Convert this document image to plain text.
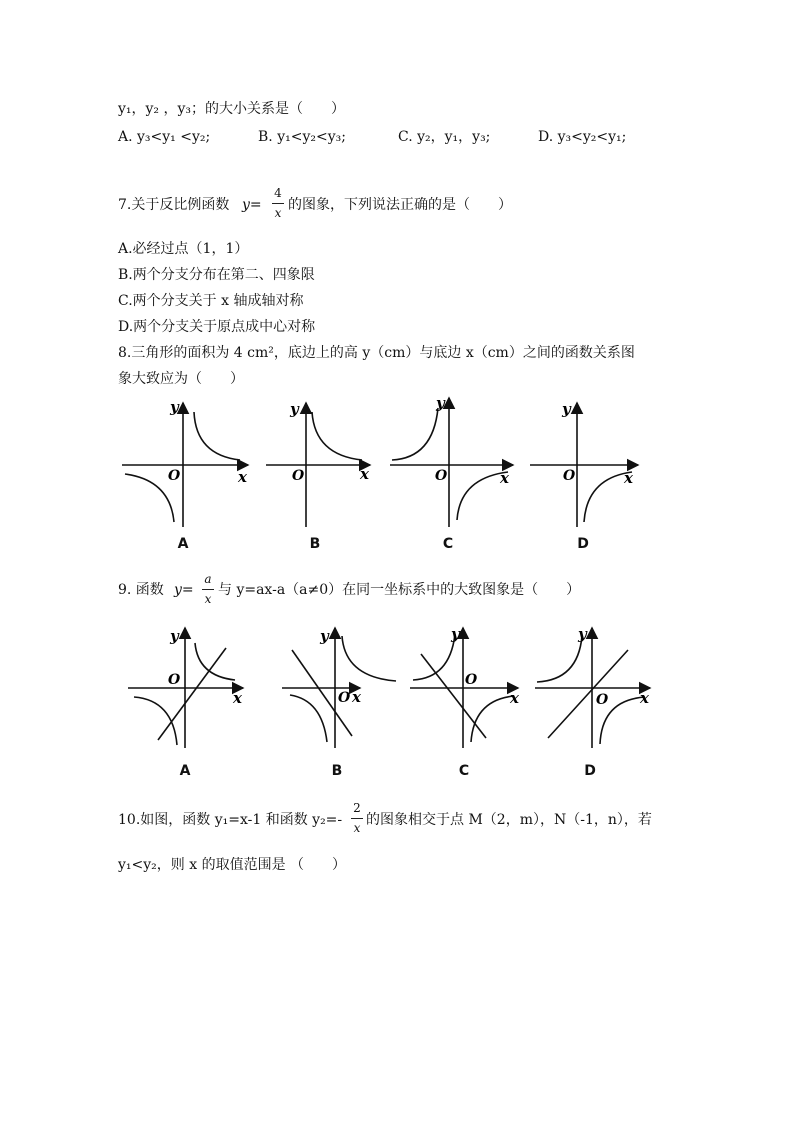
y₁，y₂ ，y₃；的大小关系是（　　）
A. y₃<y₁ <y₂;	B. y₁<y₂<y₃;	C. y₂，y₁，y₃;	D. y₃<y₂<y₁;
7.关于反比例函数 y=
4
x 的图象，下列说法正确的是（　　）
A.必经过点（1，1）
B.两个分支分布在第二、四象限
C.两个分支关于 x 轴成轴对称
D.两个分支关于原点成中心对称
8.三角形的面积为 4 cm²，底边上的高 y（cm）与底边 x（cm）之间的函数关系图
象大致应为（　　）
y
O	x
y
O	x
y
O	x
y
O	x
A	B	C	D
9. 函数 y=
a
x
与 y=ax-a（a≠0）在同一坐标系中的大致图象是（　　）
y
O
x
y
O x
y
O
x
y
O x
A	B	C	D
10.如图，函数 y₁=x-1 和函数 y₂=-
2
x 的图象相交于点 M（2，m），N（-1，n），若
y₁<y₂，则 x 的取值范围是 （　　）
